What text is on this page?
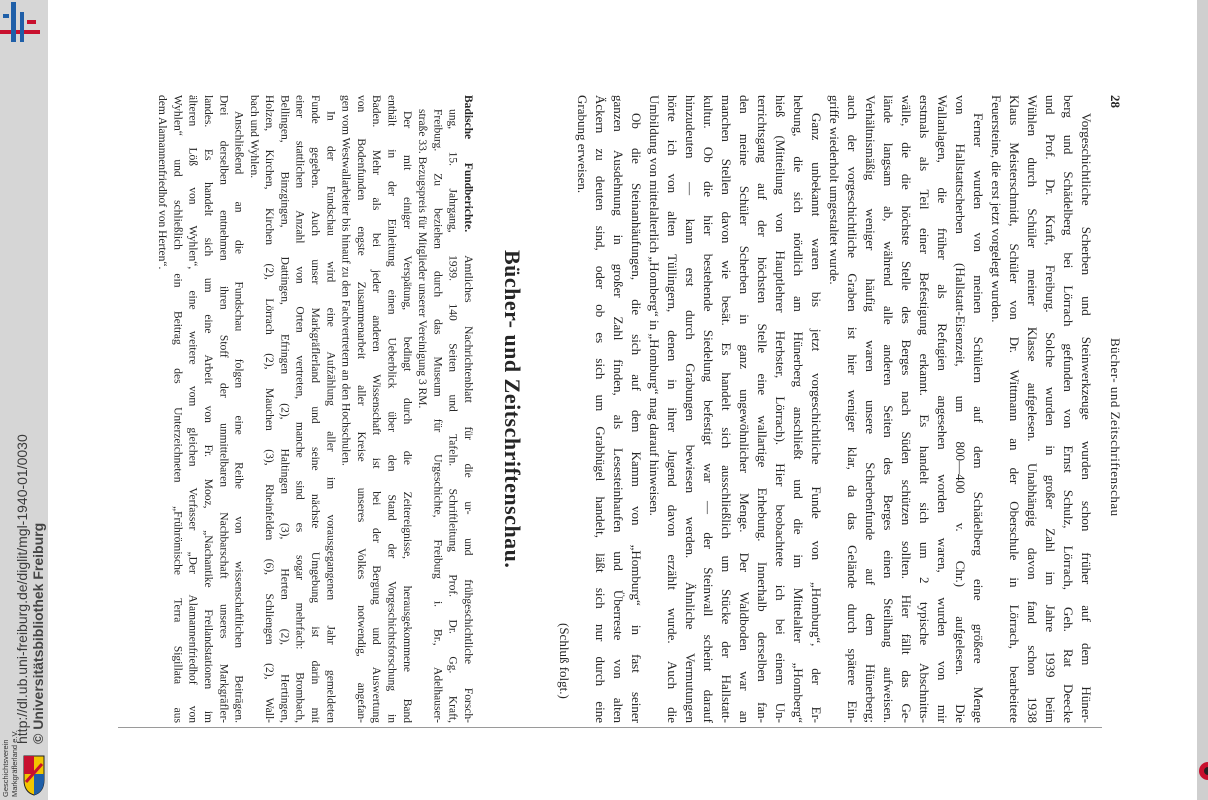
http://dl.ub.uni-freiburg.de/diglit/mgl-1940-01/0030 © Universitätsbibliothek Freiburg
Geschichtsverein Markgräflerland e.V.
28Bücher- und Zeitschriftenschau
Vorgeschichtliche Scherben und Steinwerkzeuge wurden schon früher auf dem Hüner-
berg und Schädelberg bei Lörrach gefunden von Ernst Schulz, Lörrach, Geh. Rat Deecke
und Prof. Dr. Kraft, Freiburg. Solche wurden in großer Zahl im Jahre 1939 beim
Wühlen durch Schüler meiner Klasse aufgelesen. Unabhängig davon fand schon 1938
Klaus Meisterschmidt, Schüler von Dr. Wittmann an der Oberschule in Lörrach, bearbeitete
Feuersteine, die erst jetzt vorgelegt wurden.
Ferner wurden von meinen Schülern auf dem Schädelberg eine größere Menge
von Hallstattscherben (Hallstatt-Eisenzeit, um 800—400 v. Chr.) aufgelesen. Die
Wallanlagen, die früher als Refugien angesehen worden waren, wurden von mir
erstmals als Teil einer Befestigung erkannt. Es handelt sich um 2 typische Abschnitts-
wälle, die die höchste Stelle des Berges nach Süden schützen sollten. Hier fällt das Ge-
lände langsam ab, während alle anderen Seiten des Berges einen Steilhang aufweisen.
Verhältnismäßig weniger häufig waren unsere Scherbenfunde auf dem Hünerberg;
auch der vorgeschichtliche Graben ist hier weniger klar, da das Gelände durch spätere Ein-
griffe wiederholt umgestaltet wurde.
Ganz unbekannt waren bis jetzt vorgeschichtliche Funde von „Homburg“, der Er-
hebung, die sich nördlich am Hünerberg anschließt und die im Mittelalter „Homberg“
hieß (Mitteilung von Hauptlehrer Herbster, Lörrach). Hier beobachtete ich bei einem Un-
terrichtsgang auf der höchsten Stelle eine wallartige Erhebung. Innerhalb derselben fan-
den meine Schüler Scherben in ganz ungewöhnlicher Menge. Der Waldboden war an
manchen Stellen davon wie besät. Es handelt sich ausschließlich um Stücke der Hallstatt-
kultur. Ob die hier bestehende Siedelung befestigt war — der Steinwall scheint darauf
hinzudeuten — kann erst durch Grabungen bewiesen werden. Ähnliche Vermutungen
hörte ich von alten Tüllingern, denen in ihrer Jugend davon erzählt wurde. Auch die
Umbildung von mittelalterlich „Homberg“ in „Homburg“ mag darauf hinweisen.
Ob die Steinanhäufungen, die sich auf dem Kamm von „Homburg“ in fast seiner
ganzen Ausdehnung in großer Zahl finden, als Lesesteinhaufen und Überreste von alten
Äckern zu deuten sind, oder ob es sich um Grabhügel handelt, läßt sich nur durch eine
Grabung erweisen.
(Schluß folgt.)
Bücher- und Zeitschriftenschau.
Badische Fundberichte. Amtliches Nachrichtenblatt für die ur- und frühgeschichtliche Forsch-
ung, 15. Jahrgang, 1939. 140 Seiten und Tafeln. Schriftleitung Prof. Dr. Gg. Kraft,
Freiburg. Zu beziehen durch das Museum für Urgeschichte, Freiburg i. Br., Adelhauser-
straße 33. Bezugspreis für Mitglieder unserer Vereinigung 3 RM.
Der mit einiger Verspätung, bedingt durch die Zeitereignisse, herausgekommene Band
enthält in der Einleitung einen Ueberblick über den Stand der Vorgeschichtsforschung in
Baden. Mehr als bei jeder anderen Wissenschaft ist bei der Bergung und Auswertung
von Bodenfunden engste Zusammenarbeit aller Kreise unseres Volkes notwendig, angefan-
gen vom Westwallarbeiter bis hinauf zu den Fachvertretern an den Hochschulen.
In der Fundschau wird eine Aufzählung aller im vorausgegangenen Jahr gemeldeten
Funde gegeben. Auch unser Markgräflerland und seine nächste Umgebung ist darin mit
einer stattlichen Anzahl von Orten vertreten, manche sind es sogar mehrfach: Brombach,
Bellingen, Binzgingen, Dattingen, Efringen (2), Haltingen (3), Herten (2), Hertingen,
Holzen, Kirchen, Kirchen (2), Lörrach (2), Mauchen (3), Rheinfelden (6), Schliengen (2), Wall-
bach und Wyhlen.
Anschließend an die Fundschau folgen eine Reihe von wissenschaftlichen Beiträgen.
Drei derselben entnehmen ihren Stoff der unmittelbaren Nachbarschaft unseres Markgräfler-
landes. Es handelt sich um eine Arbeit von Fr. Mooz, „Nachantike Freilandstationen im
älteren Löß von Wyhlen“, eine weitere vom gleichen Verfasser „Der Alamannenfriedhof von
Wyhlen“ und schließlich ein Beitrag des Unterzeichneten „Frührömische Terra Sigillata aus
dem Alamannenfriedhof von Herten“.
